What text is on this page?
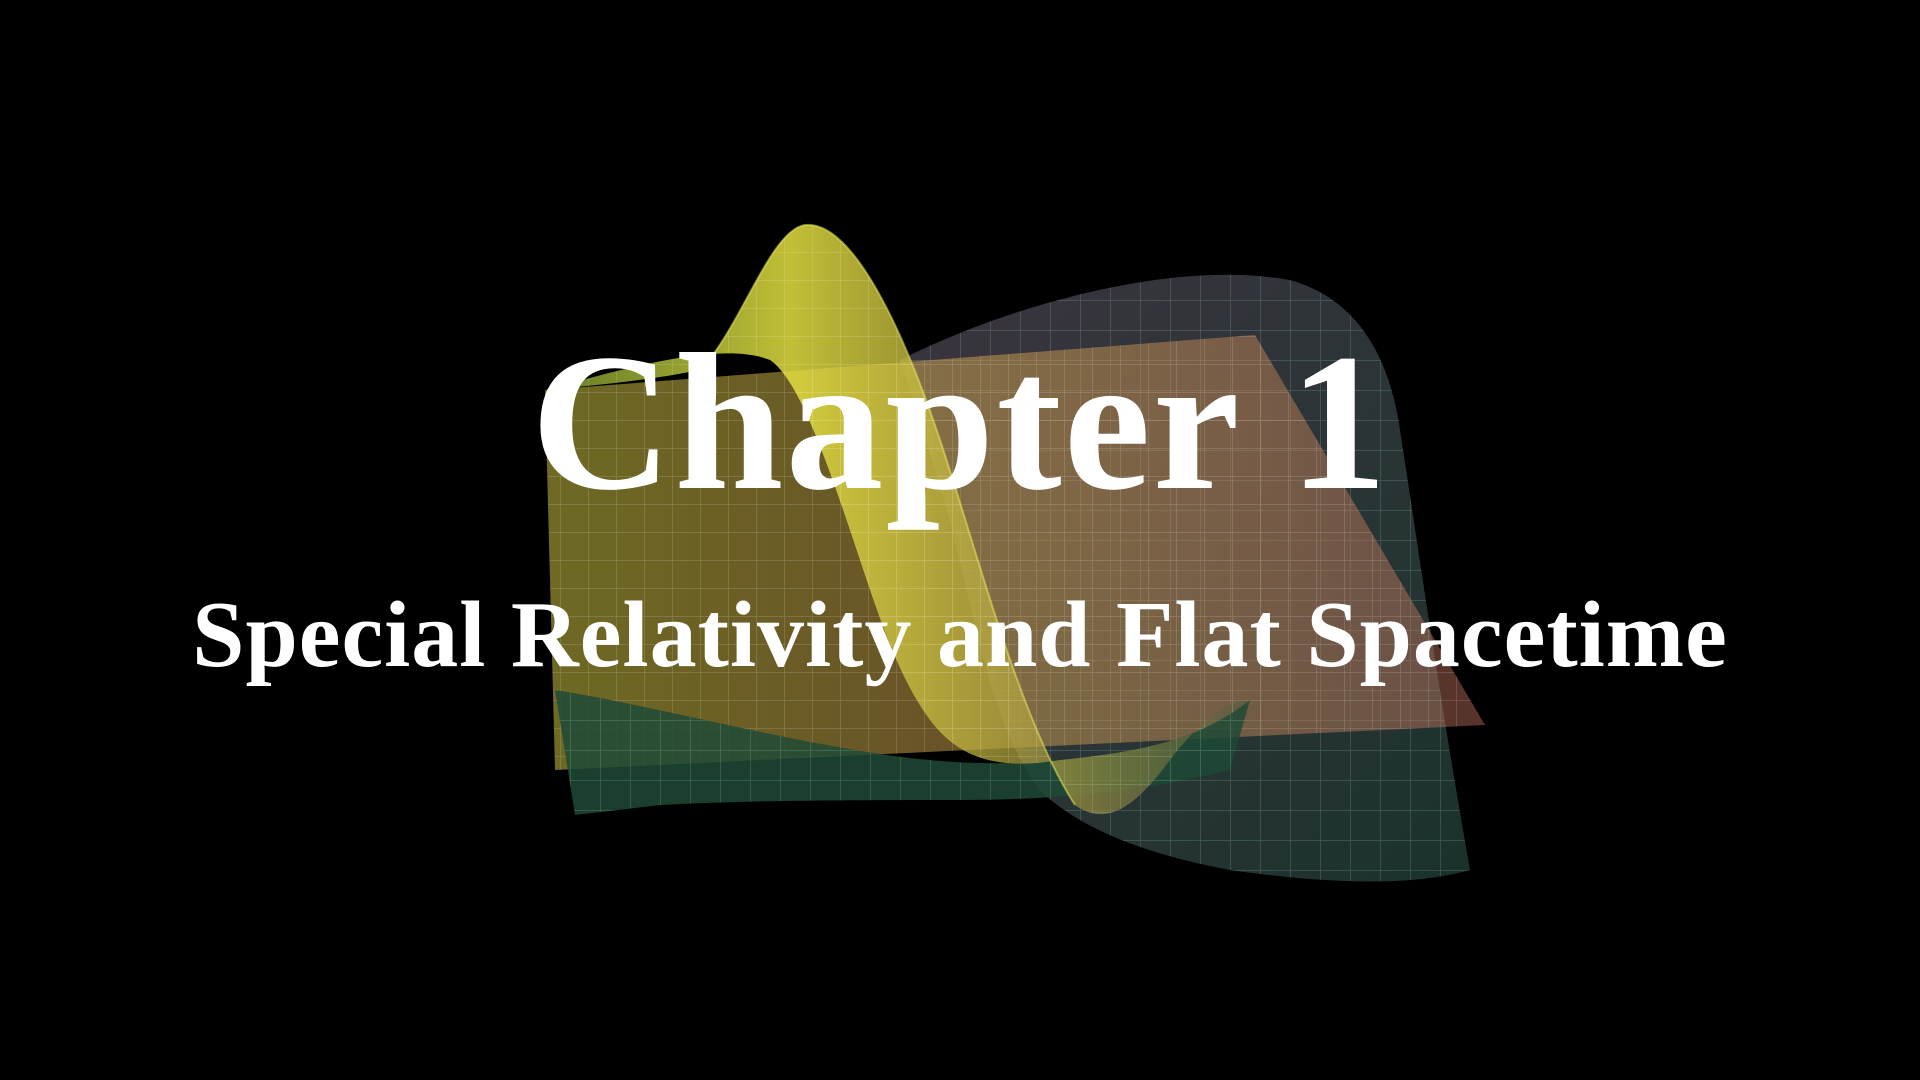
Chapter 1
Special Relativity and Flat Spacetime
